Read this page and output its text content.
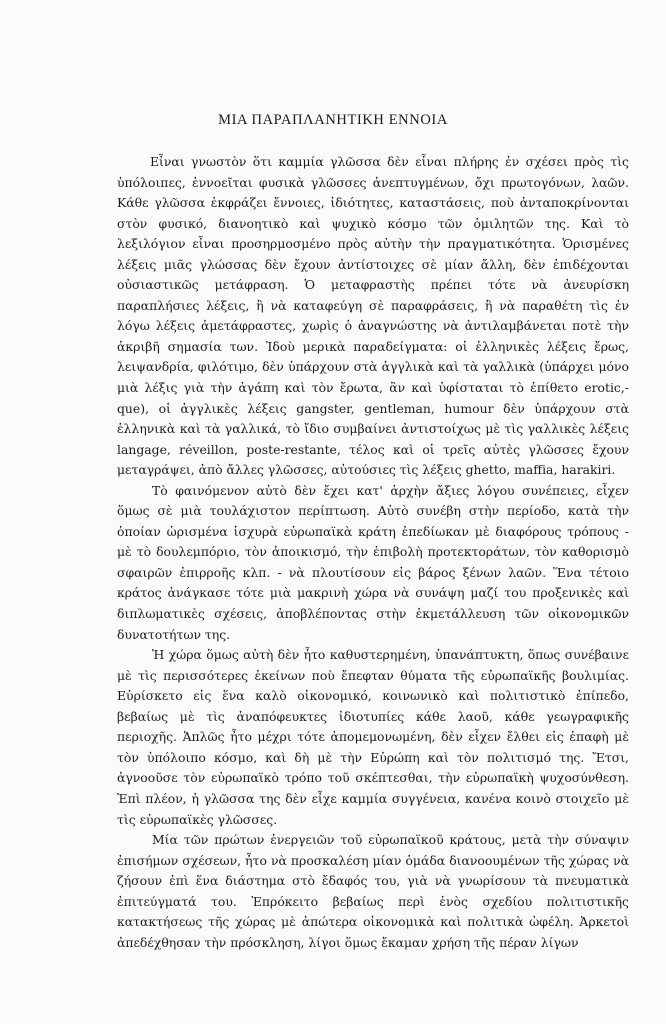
ΜΙΑ ΠΑΡΑΠΛΑΝΗΤΙΚΗ ΕΝΝΟΙΑ

Εἶναι γνωστὸν ὅτι καμμία γλῶσσα δὲν εἶναι πλήρης ἐν σχέσει πρὸς τὶς ὑπόλοιπες, ἐννοεῖται φυσικὰ γλῶσσες ἀνεπτυγμένων, ὄχι πρωτογόνων, λαῶν. Κάθε γλῶσσα ἐκφράζει ἔννοιες, ἰδιότητες, καταστάσεις, ποὺ ἀνταποκρίνονται στὸν φυσικό, διανοητικὸ καὶ ψυχικὸ κόσμο τῶν ὁμιλητῶν της. Καὶ τὸ λεξιλόγιον εἶναι προσηρμοσμένο πρὸς αὐτὴν τὴν πραγματικότητα. Ὁρισμένες λέξεις μιᾶς γλώσσας δὲν ἔχουν ἀντίστοιχες σὲ μίαν ἄλλη, δὲν ἐπιδέχονται οὐσιαστικῶς μετάφραση. Ὁ μεταφραστὴς πρέπει τότε νὰ ἀνευρίσκη παραπλήσιες λέξεις, ἢ νὰ καταφεύγη σὲ παραφράσεις, ἢ νὰ παραθέτη τὶς ἐν λόγω λέξεις ἀμετάφραστες, χωρὶς ὁ ἀναγνώστης νὰ ἀντιλαμβάνεται ποτὲ τὴν ἀκριβῆ σημασία των. Ἰδοὺ μερικὰ παραδείγματα: οἱ ἑλληνικὲς λέξεις ἔρως, λειψανδρία, φιλότιμο, δὲν ὑπάρχουν στὰ ἀγγλικὰ καὶ τὰ γαλλικὰ (ὑπάρχει μόνο μιὰ λέξις γιὰ τὴν ἀγάπη καὶ τὸν ἔρωτα, ἂν καὶ ὑφίσταται τὸ ἐπίθετο erotic,-que), οἱ ἀγγλικὲς λέξεις gangster, gentleman, humour δὲν ὑπάρχουν στὰ ἑλληνικὰ καὶ τὰ γαλλικά, τὸ ἴδιο συμβαίνει ἀντιστοίχως μὲ τὶς γαλλικὲς λέξεις langage, réveillon, poste-restante, τέλος καὶ οἱ τρεῖς αὐτὲς γλῶσσες ἔχουν μεταγράψει, ἀπὸ ἄλλες γλῶσσες, αὐτούσιες τὶς λέξεις ghetto, maffia, harakiri.

Τὸ φαινόμενον αὐτὸ δὲν ἔχει κατ' ἀρχὴν ἄξιες λόγου συνέπειες, εἶχεν ὅμως σὲ μιὰ τουλάχιστον περίπτωση. Αὐτὸ συνέβη στὴν περίοδο, κατὰ τὴν ὁποίαν ὡρισμένα ἰσχυρὰ εὐρωπαϊκὰ κράτη ἐπεδίωκαν μὲ διαφόρους τρόπους - μὲ τὸ δουλεμπόριο, τὸν ἀποικισμό, τὴν ἐπιβολὴ προτεκτοράτων, τὸν καθορισμὸ σφαιρῶν ἐπιρροῆς κλπ. - νὰ πλουτίσουν εἰς βάρος ξένων λαῶν. Ἕνα τέτοιο κράτος ἀνάγκασε τότε μιὰ μακρινὴ χώρα νὰ συνάψη μαζί του προξενικὲς καὶ διπλωματικὲς σχέσεις, ἀποβλέποντας στὴν ἐκμετάλλευση τῶν οἰκονομικῶν δυνατοτήτων της.

Ἡ χώρα ὅμως αὐτὴ δὲν ἦτο καθυστερημένη, ὑπανάπτυκτη, ὅπως συνέβαινε μὲ τὶς περισσότερες ἐκείνων ποὺ ἔπεφταν θύματα τῆς εὐρωπαϊκῆς βουλιμίας. Εὑρίσκετο εἰς ἕνα καλὸ οἰκονομικό, κοινωνικὸ καὶ πολιτιστικὸ ἐπίπεδο, βεβαίως μὲ τὶς ἀναπόφευκτες ἰδιοτυπίες κάθε λαοῦ, κάθε γεωγραφικῆς περιοχῆς. Ἁπλῶς ἦτο μέχρι τότε ἀπομεμονωμένη, δὲν εἶχεν ἔλθει εἰς ἐπαφὴ μὲ τὸν ὑπόλοιπο κόσμο, καὶ δὴ μὲ τὴν Εὐρώπη καὶ τὸν πολιτισμό της. Ἔτσι, ἀγνοοῦσε τὸν εὐρωπαϊκὸ τρόπο τοῦ σκέπτεσθαι, τὴν εὐρωπαϊκὴ ψυχοσύνθεση. Ἐπὶ πλέον, ἡ γλῶσσα της δὲν εἶχε καμμία συγγένεια, κανένα κοινὸ στοιχεῖο μὲ τὶς εὐρωπαϊκὲς γλῶσσες.

Μία τῶν πρώτων ἐνεργειῶν τοῦ εὐρωπαϊκοῦ κράτους, μετὰ τὴν σύναψιν ἐπισήμων σχέσεων, ἦτο νὰ προσκαλέση μίαν ὁμάδα διανοουμένων τῆς χώρας νὰ ζήσουν ἐπὶ ἕνα διάστημα στὸ ἔδαφός του, γιὰ νὰ γνωρίσουν τὰ πνευματικὰ ἐπιτεύγματά του. Ἐπρόκειτο βεβαίως περὶ ἑνὸς σχεδίου πολιτιστικῆς κατακτήσεως τῆς χώρας μὲ ἀπώτερα οἰκονομικὰ καὶ πολιτικὰ ὠφέλη. Ἀρκετοὶ ἀπεδέχθησαν τὴν πρόσκληση, λίγοι ὅμως ἔκαμαν χρήση τῆς πέραν λίγων
